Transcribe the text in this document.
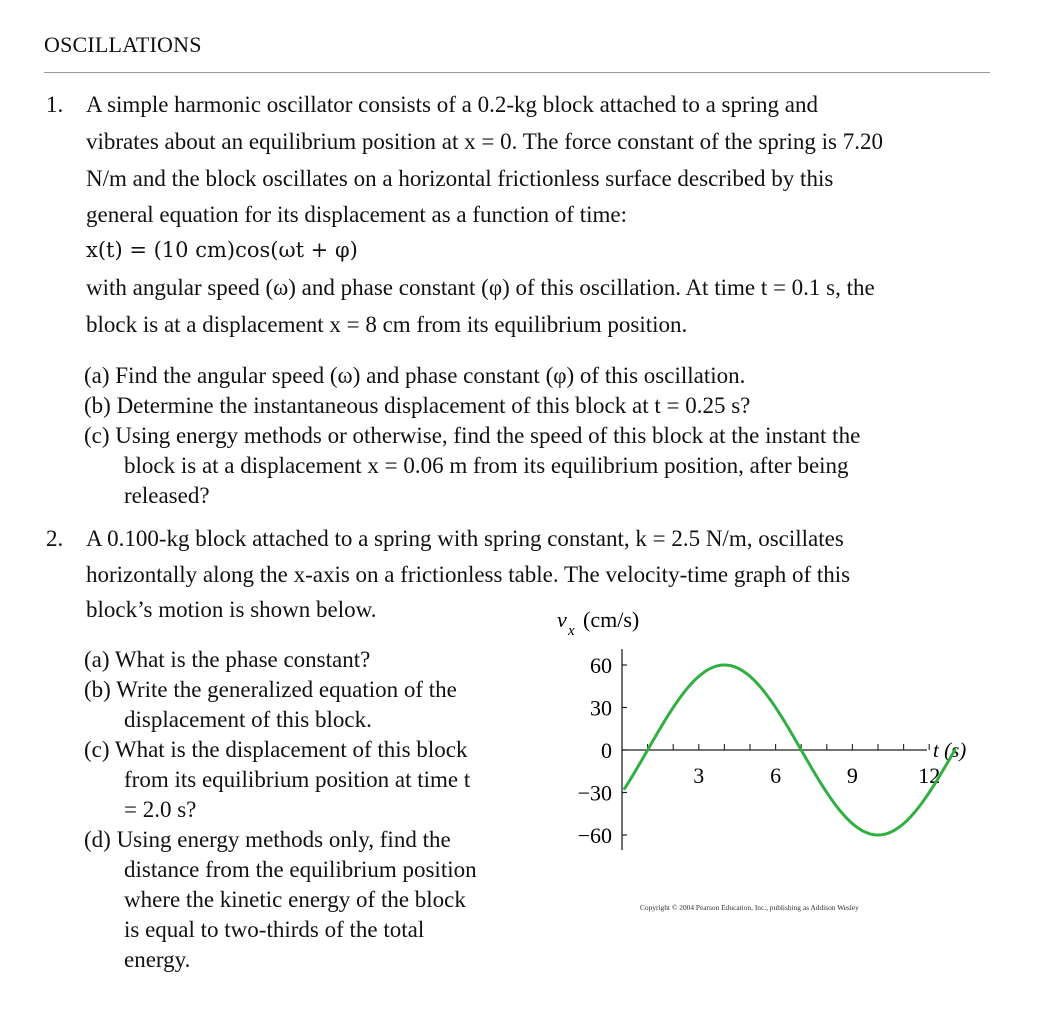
OSCILLATIONS
1. A simple harmonic oscillator consists of a 0.2-kg block attached to a spring and
vibrates about an equilibrium position at x = 0. The force constant of the spring is 7.20
N/m and the block oscillates on a horizontal frictionless surface described by this
general equation for its displacement as a function of time:
x(t) = (10 cm)cos(ωt + φ)
with angular speed (ω) and phase constant (φ) of this oscillation. At time t = 0.1 s, the
block is at a displacement x = 8 cm from its equilibrium position.
(a) Find the angular speed (ω) and phase constant (φ) of this oscillation.
(b) Determine the instantaneous displacement of this block at t = 0.25 s?
(c) Using energy methods or otherwise, find the speed of this block at the instant the
block is at a displacement x = 0.06 m from its equilibrium position, after being
released?
2. A 0.100-kg block attached to a spring with spring constant, k = 2.5 N/m, oscillates
horizontally along the x-axis on a frictionless table. The velocity-time graph of this
block’s motion is shown below.
(a) What is the phase constant?
(b) Write the generalized equation of the
displacement of this block.
(c) What is the displacement of this block
from its equilibrium position at time t
= 2.0 s?
(d) Using energy methods only, find the
distance from the equilibrium position
where the kinetic energy of the block
is equal to two-thirds of the total
energy.
v x (cm/s)
60
30
0
−30
−60
3	6	9	12
t (s)
Copyright © 2004 Pearson Education, Inc., publishing as Addison Wesley
